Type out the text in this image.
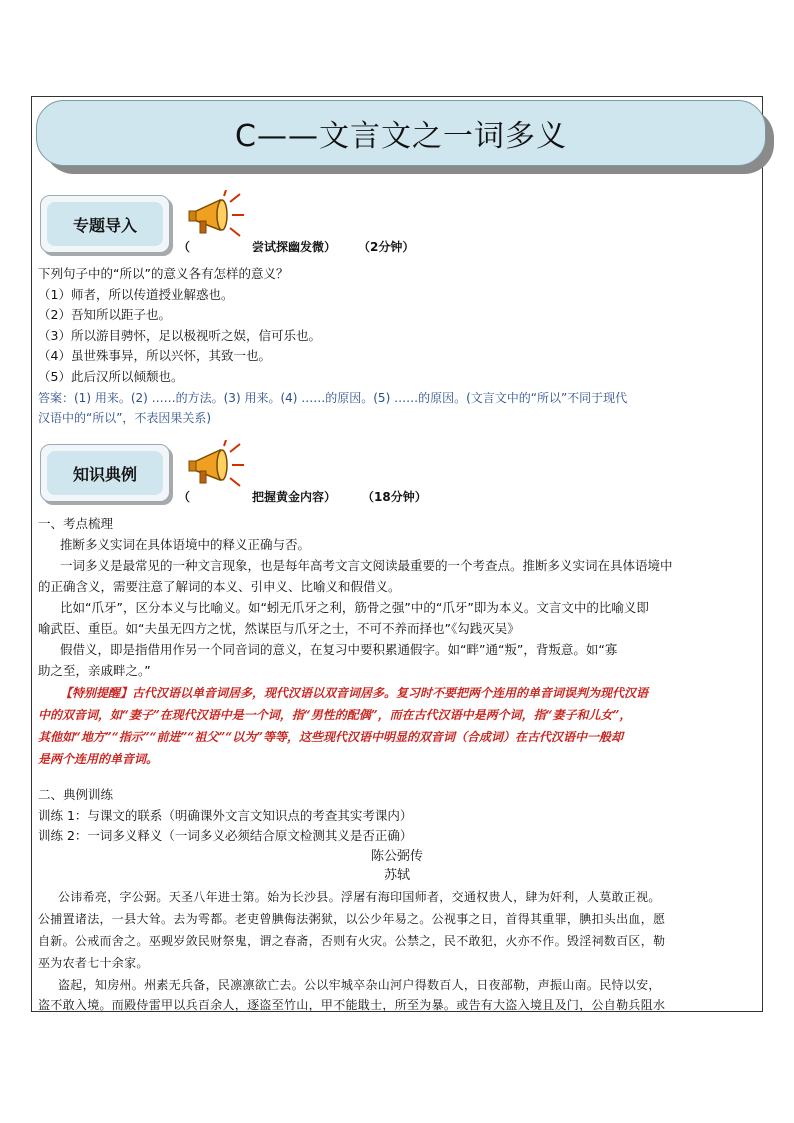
C——文言文之一词多义
专题导入
（	尝试探幽发微） （2分钟）
下列句子中的“所以”的意义各有怎样的意义？
（1）师者，所以传道授业解惑也。
（2）吾知所以距子也。
（3）所以游目骋怀，足以极视听之娱，信可乐也。
（4）虽世殊事异，所以兴怀，其致一也。
（5）此后汉所以倾颓也。
答案：(1) 用来。(2) ……的方法。(3) 用来。(4) ……的原因。(5) ……的原因。(文言文中的“所以”不同于现代
汉语中的“所以”，不表因果关系)
知识典例
（	把握黄金内容） （18分钟）
一、考点梳理
推断多义实词在具体语境中的释义正确与否。
一词多义是最常见的一种文言现象，也是每年高考文言文阅读最重要的一个考查点。推断多义实词在具体语境中
的正确含义，需要注意了解词的本义、引申义、比喻义和假借义。
比如“爪牙”，区分本义与比喻义。如“蚓无爪牙之利，筋骨之强”中的“爪牙”即为本义。文言文中的比喻义即
喻武臣、重臣。如“夫虽无四方之忧，然谋臣与爪牙之士，不可不养而择也”《勾践灭吴》
假借义，即是指借用作另一个同音词的意义，在复习中要积累通假字。如“畔”通“叛”，背叛意。如“寡
助之至，亲戚畔之。”
【特别提醒】古代汉语以单音词居多，现代汉语以双音词居多。复习时不要把两个连用的单音词误判为现代汉语
中的双音词，如“妻子”在现代汉语中是一个词，指“男性的配偶”，而在古代汉语中是两个词，指“妻子和儿女”，
其他如“地方”“指示”“前进”“祖父”“以为”等等，这些现代汉语中明显的双音词（合成词）在古代汉语中一般却
是两个连用的单音词。
二、典例训练
训练 1：与课文的联系（明确课外文言文知识点的考查其实考课内）
训练 2：一词多义释义（一词多义必须结合原文检测其义是否正确）
陈公弼传
苏轼
公讳希亮，字公弼。天圣八年进士第。始为长沙县。浮屠有海印国师者，交通权贵人，肆为奸利，人莫敢正视。
公捕置诸法，一县大耸。去为雩都。老吏曾腆侮法粥狱，以公少年易之。公视事之日，首得其重罪，腆扣头出血，愿
自新。公戒而舍之。巫觋岁敛民财祭鬼，谓之春斋，否则有火灾。公禁之，民不敢犯，火亦不作。毁淫祠数百区，勒
巫为农者七十余家。
盗起，知房州。州素无兵备，民凛凛欲亡去。公以牢城卒杂山河户得数百人，日夜部勒，声振山南。民恃以安，
盗不敢入境。而殿侍雷甲以兵百余人，逐盗至竹山，甲不能戢士，所至为暴。或告有大盗入境且及门，公自勒兵阻水
